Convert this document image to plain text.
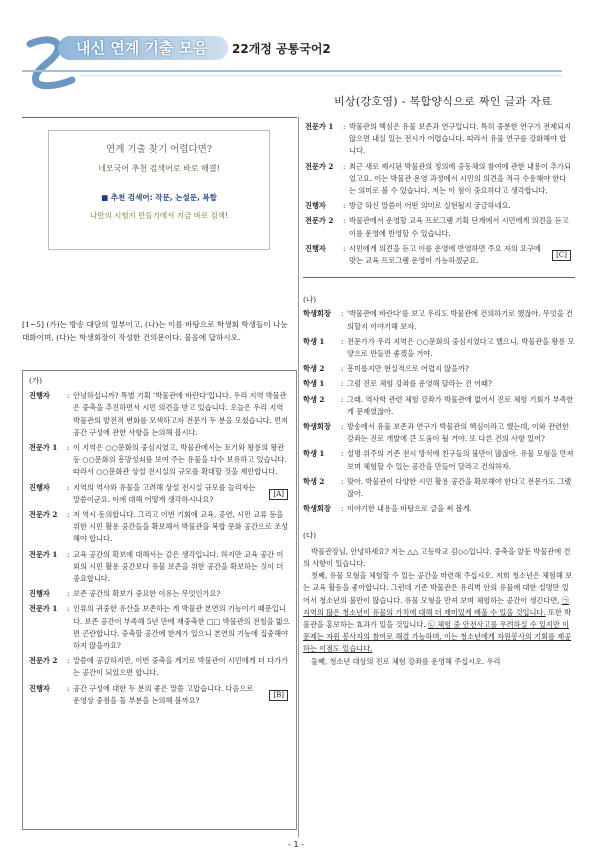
내신 연계 기출 모음	22개정 공통국어2
비상(강호영) - 복합양식으로 짜인 글과 자료
연계 기출 찾기 어렵다면?
네모국어 추천 검색어로 바로 해결!
■ 추천 검색어: 작문, 논설문, 복합
나만의 시험지 만들기에서 지금 바로 검색!
[1~5] (가)는 방송 대담의 일부이고, (나)는 이를 바탕으로 학생회 학생들이 나눈 대화이며, (다)는 학생회장이 작성한 건의문이다. 물음에 답하시오.
(가)
진행자 : 안녕하십니까? 특별 기획 '박물관에 바란다'입니다. 우리 지역 박물관은 중축을 추진하면서 시민 의견을 받고 있습니다. 오늘은 우리 지역 박물관의 발전적 변화를 모색하고자 전문가 두 분을 모셨습니다. 먼저 공간 구성에 관한 사항을 논의해 봅시다.
전문가 1 : 이 지역은 ○○문화의 중심지였고, 박물관에서는 토기와 왕릉의 왕관 등 ○○문화의 흥망성쇠를 보여 주는 유물을 다수 보유하고 있습니다. 따라서 ○○문화관 상설 전시실의 규모를 확대할 것을 제안합니다.
진행자 : 지역의 역사와 유물을 고려해 상설 전시실 규모를 늘리자는 말씀이군요. 이에 대해 어떻게 생각하시나요?
[A]
전문가 2 : 저 역시 동의합니다. 그리고 이번 기회에 교육, 공연, 시민 교류 등을 위한 시민 활용 공간들을 확보해서 박물관을 복합 문화 공간으로 조성해야 합니다.
전문가 1 : 교육 공간의 확보에 대해서는 같은 생각입니다. 하지만 교육 공간 이외의 시민 활용 공간보다 유물 보존을 위한 공간을 확보하는 것이 더 중요합니다.
진행자 : 보존 공간의 확보가 중요한 이유는 무엇인가요?
전문가 1 : 인류의 귀중한 유산을 보존하는 게 박물관 본연의 기능이기 때문입니다. 보존 공간이 부족해 5년 만에 재중축한 □□ 박물관의 전철을 밟으면 곤란합니다. 중축할 공간에 한계가 있으니 본연의 기능에 집중해야 하지 않을까요?
전문가 2 : 말씀에 공감하지만, 이번 중축을 계기로 박물관이 시민에게 더 다가가는 공간이 되었으면 합니다.
진행자 : 공간 구성에 대한 두 분의 좋은 말씀 고맙습니다. 다음으로 운영상 중점을 둘 부분을 논의해 볼까요?
[B]
전문가 1 : 박물관의 핵심은 유물 보존과 연구입니다. 특히 중분한 연구가 전제되지 않으면 내실 있는 전시가 어렵습니다. 따라서 유물 연구를 강화해야 합니다.
전문가 2 : 최근 새로 제시된 박물관의 정의에 공동체의 참여에 관한 내용이 추가되었고요. 이는 박물관 운영 과정에서 시민의 의견을 적극 수용해야 한다는 의미로 볼 수 있습니다. 저는 이 점이 중요하다고 생각합니다.
진행자 : 방금 하신 말씀이 어떤 의미로 실현될지 궁금하네요.
전문가 2 : 박물관에서 운영할 교육 프로그램 기획 단계에서 시민에게 의견을 듣고 이를 운영에 반영할 수 있습니다.
진행자 : 시민에게 의견을 듣고 이를 운영에 반영하면 주요 자의 요구에 맞는 교육 프로그램 운영이 가능하겠군요.
[C]
(나)
학생회장 : '박물관에 바란다'를 보고 우리도 박물관에 건의하기로 했잖아. 무엇을 건의할지 이야기해 보자.
학생 1 : 전문가가 우리 지역은 ○○문화의 중심지였다고 했으니, 박물관을 왕릉 모양으로 만들면 좋겠을 거야.
학생 2 : 흥미롭지만 현실적으로 어렵지 않을까?
학생 1 : 그럼 진로 체험 강좌를 운영해 달라는 건 어때?
학생 2 : 그래. 역사학 관련 체험 강좌가 박물관에 없어서 진로 체험 기회가 부족한 게 문제였잖아.
학생회장 : 방송에서 유물 보존과 연구가 박물관의 핵심이라고 했는데, 이와 관련한 강좌는 진로 개발에 큰 도움이 될 거야. 또 다른 건의 사항 있어?
학생 1 : 설명 위주의 기존 전시 방식에 친구들의 불만이 많잖아. 유물 모형을 만져 보며 체험할 수 있는 공간을 만들어 달라고 건의하자.
학생 2 : 맞아. 박물관이 다양한 시민 활용 공간을 확보해야 한다고 전문가도 그랬잖아.
학생회장 : 이야기한 내용을 바탕으로 글을 써 볼게.
(다)

박물관장님, 안녕하세요? 저는 △△ 고등학교 김◇◇입니다. 중축을 앞둔 박물관에 건의 사항이 있습니다.

첫째, 유물 모형을 체험할 수 있는 공간을 마련해 주십시오. 저희 청소년은 체험해 보는 교육 활동을 좋아합니다. 그런데 기존 박물관은 유리벽 안의 유물에 대한 설명만 있어서 청소년의 불만이 많습니다. 유물 모형을 만져 보며 체험하는 공간이 생긴다면, ㉠ 지역의 많은 청소년이 유물의 가치에 대해 더 재미있게 배울 수 있을 것입니다. 또한 박물관을 홍보하는 효과가 있을 것입니다. ㉡ 체험 중 안전사고를 우려하실 수 있지만 이 문제는 자원 봉사자의 참여로 해결 가능하며, 이는 청소년에게 자원봉사의 기회를 제공하는 이점도 있습니다.

둘째, 청소년 대상의 진로 체험 강좌를 운영해 주십시오. 우리

- 1 -
